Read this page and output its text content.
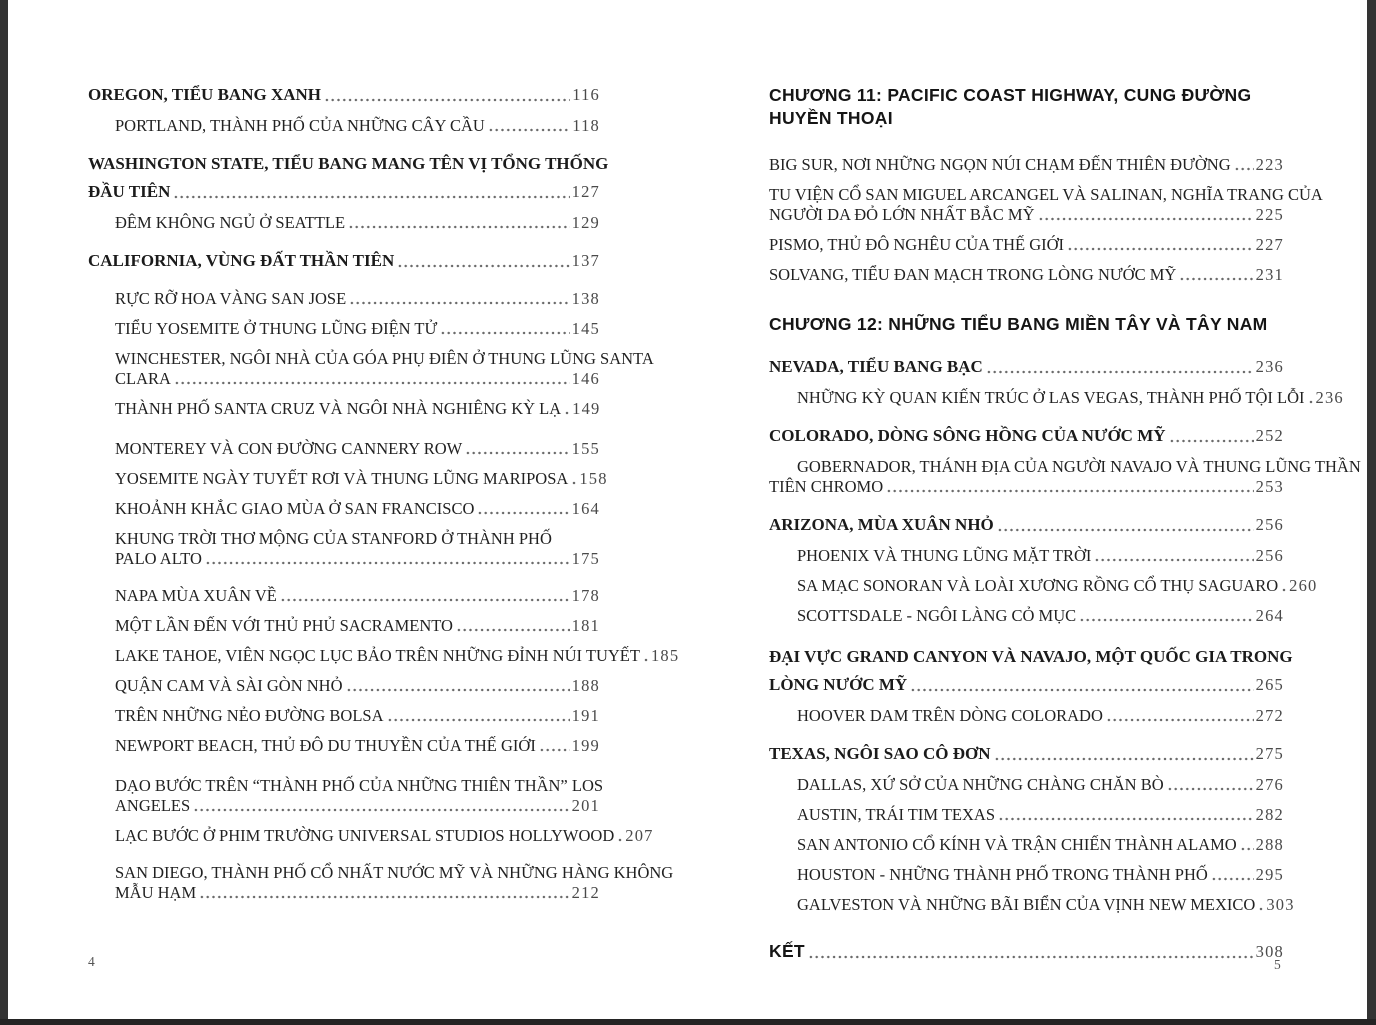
OREGON, TIỂU BANG XANH	116
PORTLAND, THÀNH PHỐ CỦA NHỮNG CÂY CẦU	118
WASHINGTON STATE, TIỂU BANG MANG TÊN VỊ TỔNG THỐNG
ĐẦU TIÊN	127
ĐÊM KHÔNG NGỦ Ở SEATTLE	129
CALIFORNIA, VÙNG ĐẤT THẦN TIÊN	137
RỰC RỠ HOA VÀNG SAN JOSE	138
TIỂU YOSEMITE Ở THUNG LŨNG ĐIỆN TỬ	145
WINCHESTER, NGÔI NHÀ CỦA GÓA PHỤ ĐIÊN Ở THUNG LŨNG SANTA
CLARA	146
THÀNH PHỐ SANTA CRUZ VÀ NGÔI NHÀ NGHIÊNG KỲ LẠ 149
MONTEREY VÀ CON ĐƯỜNG CANNERY ROW	155
YOSEMITE NGÀY TUYẾT RƠI VÀ THUNG LŨNG MARIPOSA 158
KHOẢNH KHẮC GIAO MÙA Ở SAN FRANCISCO	164
KHUNG TRỜI THƠ MỘNG CỦA STANFORD Ở THÀNH PHỐ
PALO ALTO	175
NAPA MÙA XUÂN VỀ	178
MỘT LẦN ĐẾN VỚI THỦ PHỦ SACRAMENTO	181
LAKE TAHOE, VIÊN NGỌC LỤC BẢO TRÊN NHỮNG ĐỈNH NÚI TUYẾT 185
QUẬN CAM VÀ SÀI GÒN NHỎ	188
TRÊN NHỮNG NẺO ĐƯỜNG BOLSA	191
NEWPORT BEACH, THỦ ĐÔ DU THUYỀN CỦA THẾ GIỚI 199
DẠO BƯỚC TRÊN “THÀNH PHỐ CỦA NHỮNG THIÊN THẦN” LOS
ANGELES	201
LẠC BƯỚC Ở PHIM TRƯỜNG UNIVERSAL STUDIOS HOLLYWOOD 207
SAN DIEGO, THÀNH PHỐ CỔ NHẤT NƯỚC MỸ VÀ NHỮNG HÀNG KHÔNG
MẪU HẠM	212
CHƯƠNG 11: PACIFIC COAST HIGHWAY, CUNG ĐƯỜNG
HUYỀN THOẠI
BIG SUR, NƠI NHỮNG NGỌN NÚI CHẠM ĐẾN THIÊN ĐƯỜNG 223
TU VIỆN CỔ SAN MIGUEL ARCANGEL VÀ SALINAN, NGHĨA TRANG CỦA
NGƯỜI DA ĐỎ LỚN NHẤT BẮC MỸ	225
PISMO, THỦ ĐÔ NGHÊU CỦA THẾ GIỚI	227
SOLVANG, TIỂU ĐAN MẠCH TRONG LÒNG NƯỚC MỸ	231
CHƯƠNG 12: NHỮNG TIỂU BANG MIỀN TÂY VÀ TÂY NAM
NEVADA, TIỂU BANG BẠC	236
NHỮNG KỲ QUAN KIẾN TRÚC Ở LAS VEGAS, THÀNH PHỐ TỘI LỖI 236
COLORADO, DÒNG SÔNG HỒNG CỦA NƯỚC MỸ	252
GOBERNADOR, THÁNH ĐỊA CỦA NGƯỜI NAVAJO VÀ THUNG LŨNG THẦN
TIÊN CHROMO	253
ARIZONA, MÙA XUÂN NHỎ	256
PHOENIX VÀ THUNG LŨNG MẶT TRỜI	256
SA MẠC SONORAN VÀ LOÀI XƯƠNG RỒNG CỔ THỤ SAGUARO 260
SCOTTSDALE - NGÔI LÀNG CỎ MỤC	264
ĐẠI VỰC GRAND CANYON VÀ NAVAJO, MỘT QUỐC GIA TRONG
LÒNG NƯỚC MỸ	265
HOOVER DAM TRÊN DÒNG COLORADO	272
TEXAS, NGÔI SAO CÔ ĐƠN	275
DALLAS, XỨ SỞ CỦA NHỮNG CHÀNG CHĂN BÒ	276
AUSTIN, TRÁI TIM TEXAS	282
SAN ANTONIO CỔ KÍNH VÀ TRẬN CHIẾN THÀNH ALAMO 288
HOUSTON - NHỮNG THÀNH PHỐ TRONG THÀNH PHỐ	295
GALVESTON VÀ NHỮNG BÃI BIỂN CỦA VỊNH NEW MEXICO 303
KẾT	308
4	5
